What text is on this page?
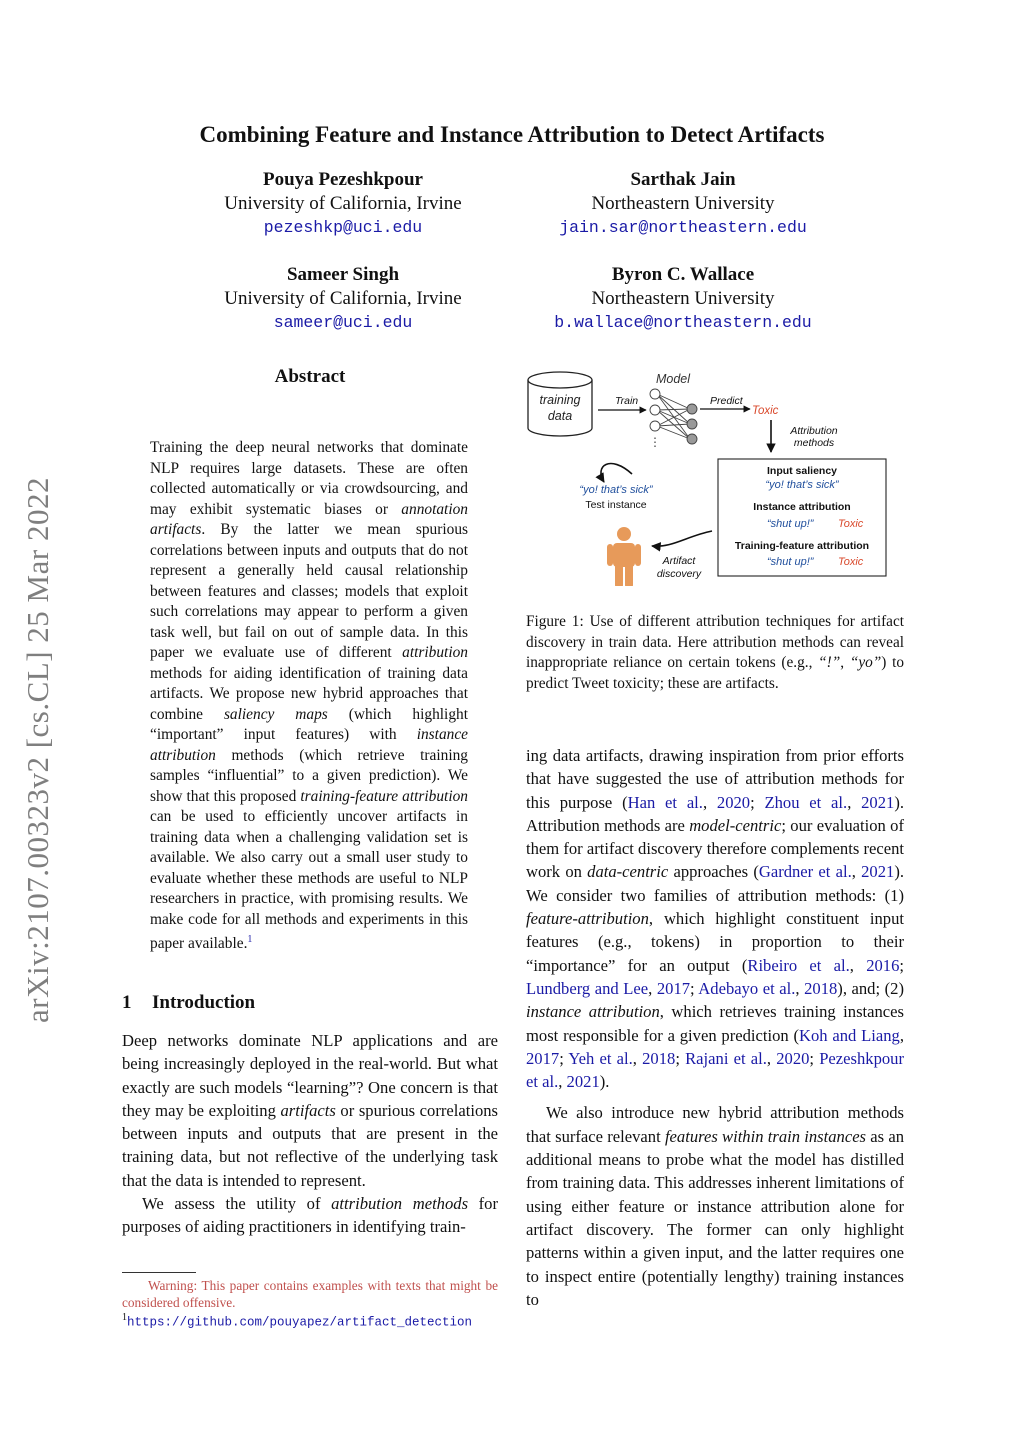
arXiv:2107.00323v2 [cs.CL] 25 Mar 2022
Combining Feature and Instance Attribution to Detect Artifacts
Pouya Pezeshkpour
University of California, Irvine
pezeshkp@uci.edu
Sarthak Jain
Northeastern University
jain.sar@northeastern.edu
Sameer Singh
University of California, Irvine
sameer@uci.edu
Byron C. Wallace
Northeastern University
b.wallace@northeastern.edu
Abstract
Training the deep neural networks that dominate NLP requires large datasets. These are often collected automatically or via crowdsourcing, and may exhibit systematic biases or annotation artifacts. By the latter we mean spurious correlations between inputs and outputs that do not represent a generally held causal relationship between features and classes; models that exploit such correlations may appear to perform a given task well, but fail on out of sample data. In this paper we evaluate use of different attribution methods for aiding identification of training data artifacts. We propose new hybrid approaches that combine saliency maps (which highlight “important” input features) with instance attribution methods (which retrieve training samples “influential” to a given prediction). We show that this proposed training-feature attribution can be used to efficiently uncover artifacts in training data when a challenging validation set is available. We also carry out a small user study to evaluate whether these methods are useful to NLP researchers in practice, with promising results. We make code for all methods and experiments in this paper available.$^1$
1 Introduction

Deep networks dominate NLP applications and are being increasingly deployed in the real-world. But what exactly are such models “learning”? One concern is that they may be exploiting artifacts or spurious correlations between inputs and outputs that are present in the training data, but not reflective of the underlying task that the data is intended to represent.

We assess the utility of attribution methods for purposes of aiding practitioners in identifying train-

Warning: This paper contains examples with texts that might be considered offensive.
$^1$https://github.com/pouyapez/artifact_detection
training
data
Train
Model
⋮
Predict
Toxic
Attribution
methods
Input saliency
“yo! that’s sick”
Instance attribution
“shut up!” Toxic
Training-feature attribution
“shut up!” Toxic
“yo! that’s sick”
Test instance
Artifact
discovery
Figure 1: Use of different attribution techniques for artifact discovery in train data. Here attribution methods can reveal inappropriate reliance on certain tokens (e.g., “!”, “yo”) to predict Tweet toxicity; these are artifacts.

ing data artifacts, drawing inspiration from prior efforts that have suggested the use of attribution methods for this purpose (Han et al., 2020; Zhou et al., 2021). Attribution methods are model-centric; our evaluation of them for artifact discovery therefore complements recent work on data-centric approaches (Gardner et al., 2021). We consider two families of attribution methods: (1) feature-attribution, which highlight constituent input features (e.g., tokens) in proportion to their “importance” for an output (Ribeiro et al., 2016; Lundberg and Lee, 2017; Adebayo et al., 2018), and; (2) instance attribution, which retrieves training instances most responsible for a given prediction (Koh and Liang, 2017; Yeh et al., 2018; Rajani et al., 2020; Pezeshkpour et al., 2021).

We also introduce new hybrid attribution methods that surface relevant features within train instances as an additional means to probe what the model has distilled from training data. This addresses inherent limitations of using either feature or instance attribution alone for artifact discovery. The former can only highlight patterns within a given input, and the latter requires one to inspect entire (potentially lengthy) training instances to
